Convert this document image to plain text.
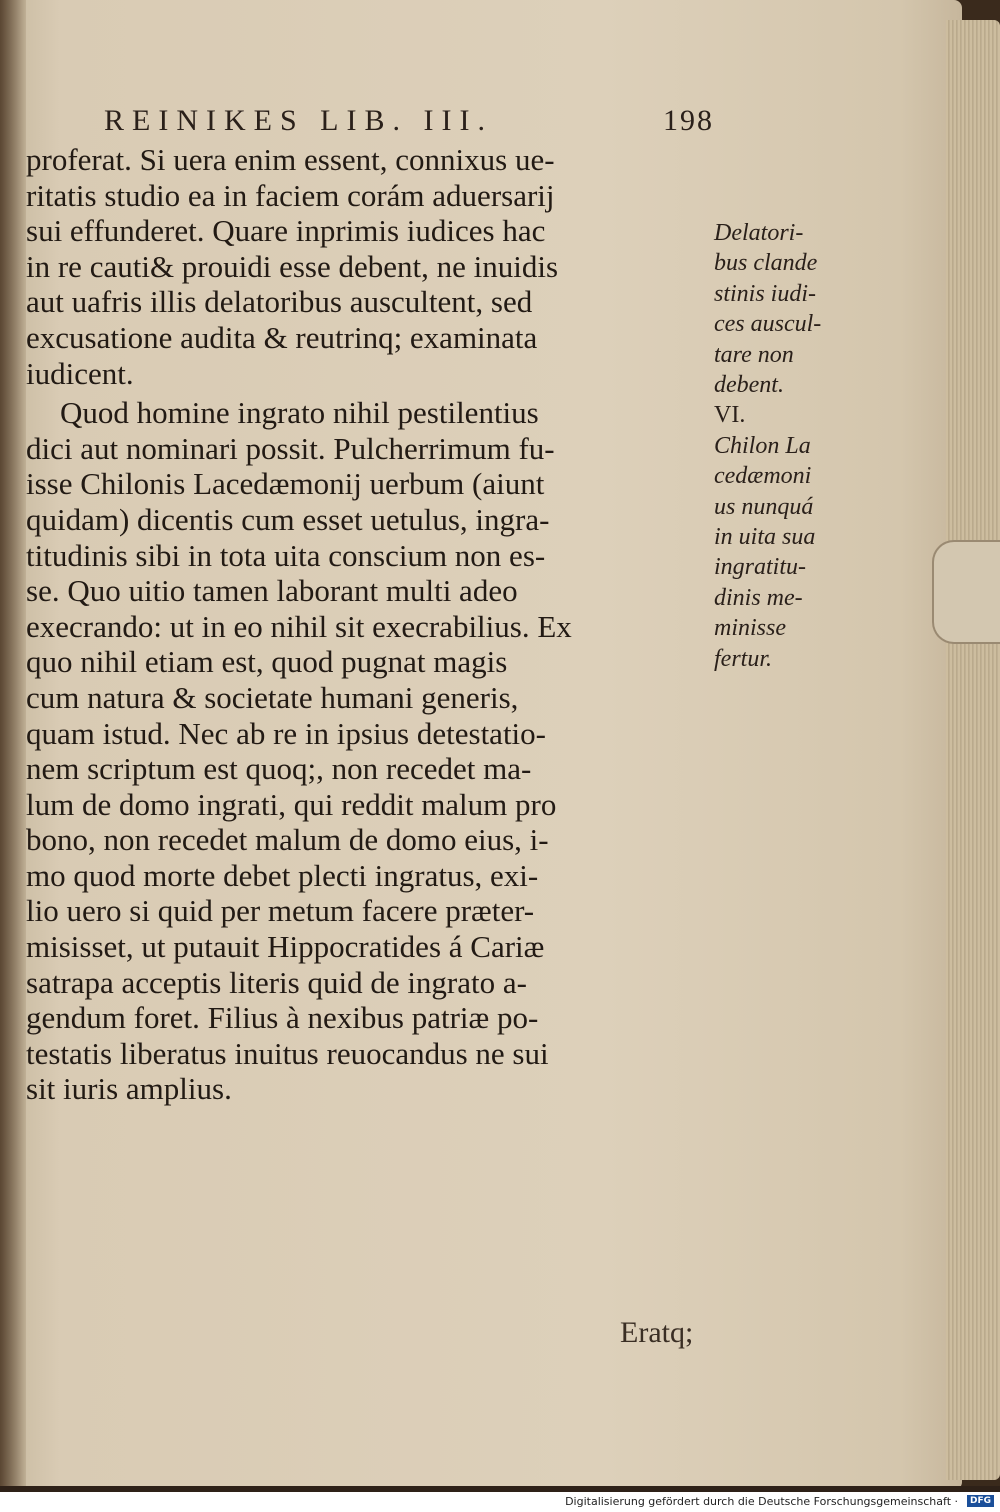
REINIKES LIB. III.	198
proferat. Si uera enim essent, connixus ue-
ritatis studio ea in faciem corám aduersarij
sui effunderet. Quare inprimis iudices hac
in re cauti& prouidi esse debent, ne inuidis
aut uafris illis delatoribus auscultent, sed
excusatione audita & reutrinq; examinata
iudicent.
Quod homine ingrato nihil pestilentius
dici aut nominari possit. Pulcherrimum fu-
isse Chilonis Lacedæmonij uerbum (aiunt
quidam) dicentis cum esset uetulus, ingra-
titudinis sibi in tota uita conscium non es-
se. Quo uitio tamen laborant multi adeo
execrando: ut in eo nihil sit execrabilius. Ex
quo nihil etiam est, quod pugnat magis
cum natura & societate humani generis,
quam istud. Nec ab re in ipsius detestatio-
nem scriptum est quoq;, non recedet ma-
lum de domo ingrati, qui reddit malum pro
bono, non recedet malum de domo eius, i-
mo quod morte debet plecti ingratus, exi-
lio uero si quid per metum facere præter-
misisset, ut putauit Hippocratides á Cariæ
satrapa acceptis literis quid de ingrato a-
gendum foret. Filius à nexibus patriæ po-
testatis liberatus inuitus reuocandus ne sui
sit iuris amplius.
Delatori-
bus clande
stinis iudi-
ces auscul-
tare non
debent.
VI.
Chilon La
cedæmoni
us nunquá
in uita sua
ingratitu-
dinis me-
minisse
fertur.
Eratq;
Digitalisierung gefördert durch die Deutsche Forschungsgemeinschaft ·	DFG
